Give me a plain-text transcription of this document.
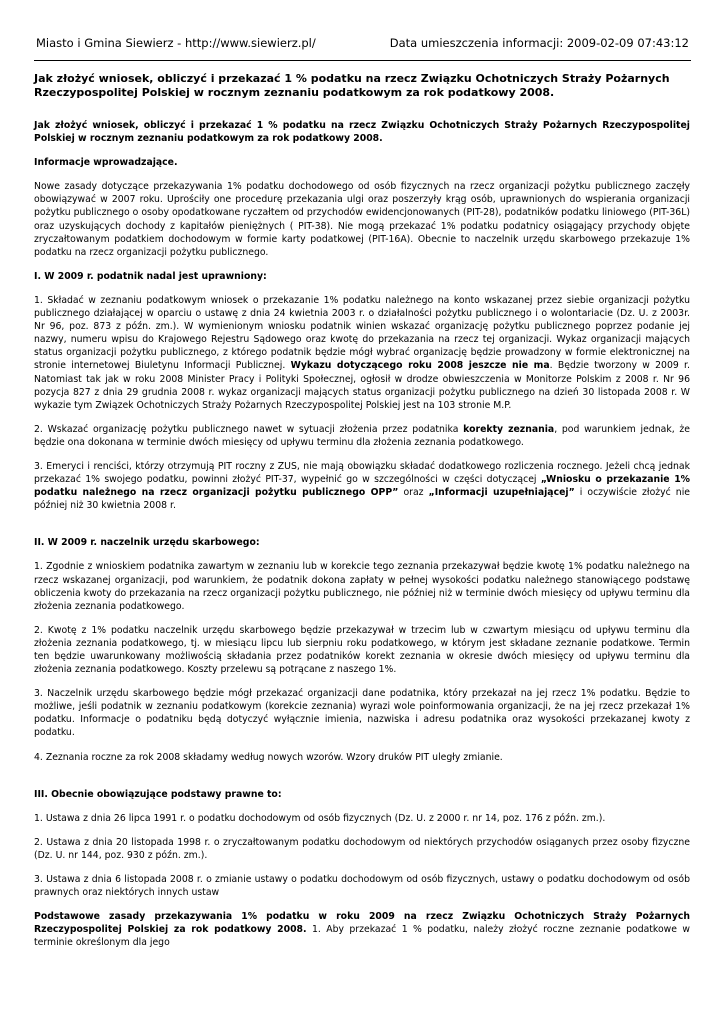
Miasto i Gmina Siewierz - http://www.siewierz.pl/	Data umieszczenia informacji: 2009-02-09 07:43:12
Jak złożyć wniosek, obliczyć i przekazać 1 % podatku na rzecz Związku Ochotniczych Straży Pożarnych Rzeczypospolitej Polskiej w rocznym zeznaniu podatkowym za rok podatkowy 2008.

Jak złożyć wniosek, obliczyć i przekazać 1 % podatku na rzecz Związku Ochotniczych Straży Pożarnych Rzeczypospolitej Polskiej w rocznym zeznaniu podatkowym za rok podatkowy 2008.

Informacje wprowadzające.

Nowe zasady dotyczące przekazywania 1% podatku dochodowego od osób fizycznych na rzecz organizacji pożytku publicznego zaczęły obowiązywać w 2007 roku. Uprościły one procedurę przekazania ulgi oraz poszerzyły krąg osób, uprawnionych do wspierania organizacji pożytku publicznego o osoby opodatkowane ryczałtem od przychodów ewidencjonowanych (PIT-28), podatników podatku liniowego (PIT-36L) oraz uzyskujących dochody z kapitałów pieniężnych ( PIT-38). Nie mogą przekazać 1% podatku podatnicy osiągający przychody objęte zryczałtowanym podatkiem dochodowym w formie karty podatkowej (PIT-16A). Obecnie to naczelnik urzędu skarbowego przekazuje 1% podatku na rzecz organizacji pożytku publicznego.

I. W 2009 r. podatnik nadal jest uprawniony:

1. Składać w zeznaniu podatkowym wniosek o przekazanie 1% podatku należnego na konto wskazanej przez siebie organizacji pożytku publicznego działającej w oparciu o ustawę z dnia 24 kwietnia 2003 r. o działalności pożytku publicznego i o wolontariacie (Dz. U. z 2003r. Nr 96, poz. 873 z późn. zm.). W wymienionym wniosku podatnik winien wskazać organizację pożytku publicznego poprzez podanie jej nazwy, numeru wpisu do Krajowego Rejestru Sądowego oraz kwotę do przekazania na rzecz tej organizacji. Wykaz organizacji mających status organizacji pożytku publicznego, z którego podatnik będzie mógł wybrać organizację będzie prowadzony w formie elektronicznej na stronie internetowej Biuletynu Informacji Publicznej. Wykazu dotyczącego roku 2008 jeszcze nie ma. Będzie tworzony w 2009 r. Natomiast tak jak w roku 2008 Minister Pracy i Polityki Społecznej, ogłosił w drodze obwieszczenia w Monitorze Polskim z 2008 r. Nr 96 pozycja 827 z dnia 29 grudnia 2008 r. wykaz organizacji mających status organizacji pożytku publicznego na dzień 30 listopada 2008 r. W wykazie tym Związek Ochotniczych Straży Pożarnych Rzeczypospolitej Polskiej jest na 103 stronie M.P.

2. Wskazać organizację pożytku publicznego nawet w sytuacji złożenia przez podatnika korekty zeznania, pod warunkiem jednak, że będzie ona dokonana w terminie dwóch miesięcy od upływu terminu dla złożenia zeznania podatkowego.

3. Emeryci i renciści, którzy otrzymują PIT roczny z ZUS, nie mają obowiązku składać dodatkowego rozliczenia rocznego. Jeżeli chcą jednak przekazać 1% swojego podatku, powinni złożyć PIT-37, wypełnić go w szczególności w części dotyczącej „Wniosku o przekazanie 1% podatku należnego na rzecz organizacji pożytku publicznego OPP” oraz „Informacji uzupełniającej” i oczywiście złożyć nie później niż 30 kwietnia 2008 r.

II. W 2009 r. naczelnik urzędu skarbowego:

1. Zgodnie z wnioskiem podatnika zawartym w zeznaniu lub w korekcie tego zeznania przekazywał będzie kwotę 1% podatku należnego na rzecz wskazanej organizacji, pod warunkiem, że podatnik dokona zapłaty w pełnej wysokości podatku należnego stanowiącego podstawę obliczenia kwoty do przekazania na rzecz organizacji pożytku publicznego, nie później niż w terminie dwóch miesięcy od upływu terminu dla złożenia zeznania podatkowego.

2. Kwotę z 1% podatku naczelnik urzędu skarbowego będzie przekazywał w trzecim lub w czwartym miesiącu od upływu terminu dla złożenia zeznania podatkowego, tj. w miesiącu lipcu lub sierpniu roku podatkowego, w którym jest składane zeznanie podatkowe. Termin ten będzie uwarunkowany możliwością składania przez podatników korekt zeznania w okresie dwóch miesięcy od upływu terminu dla złożenia zeznania podatkowego. Koszty przelewu są potrącane z naszego 1%.

3. Naczelnik urzędu skarbowego będzie mógł przekazać organizacji dane podatnika, który przekazał na jej rzecz 1% podatku. Będzie to możliwe, jeśli podatnik w zeznaniu podatkowym (korekcie zeznania) wyrazi wole poinformowania organizacji, że na jej rzecz przekazał 1% podatku. Informacje o podatniku będą dotyczyć wyłącznie imienia, nazwiska i adresu podatnika oraz wysokości przekazanej kwoty z podatku.

4. Zeznania roczne za rok 2008 składamy według nowych wzorów. Wzory druków PIT uległy zmianie.

III. Obecnie obowiązujące podstawy prawne to:

1. Ustawa z dnia 26 lipca 1991 r. o podatku dochodowym od osób fizycznych (Dz. U. z 2000 r. nr 14, poz. 176 z późn. zm.).

2. Ustawa z dnia 20 listopada 1998 r. o zryczałtowanym podatku dochodowym od niektórych przychodów osiąganych przez osoby fizyczne (Dz. U. nr 144, poz. 930 z późn. zm.).

3. Ustawa z dnia 6 listopada 2008 r. o zmianie ustawy o podatku dochodowym od osób fizycznych, ustawy o podatku dochodowym od osób prawnych oraz niektórych innych ustaw

Podstawowe zasady przekazywania 1% podatku w roku 2009 na rzecz Związku Ochotniczych Straży Pożarnych Rzeczypospolitej Polskiej za rok podatkowy 2008. 1. Aby przekazać 1 % podatku, należy złożyć roczne zeznanie podatkowe w terminie określonym dla jego
